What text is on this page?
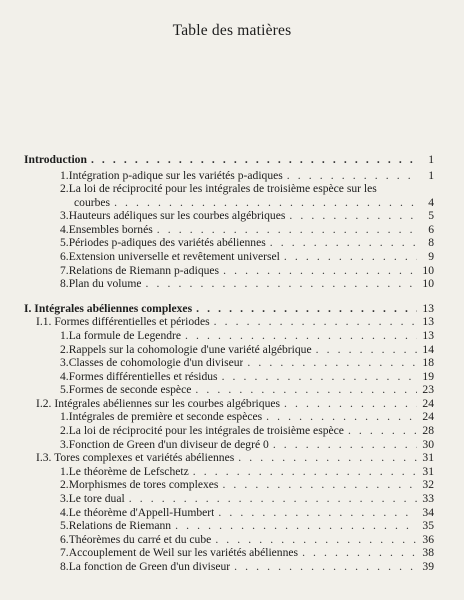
Table des matières
Introduction . . .	1
1. Intégration p-adique sur les variétés p-adiques . . .	1
2. La loi de réciprocité pour les intégrales de troisième espèce sur les
courbes . . .	4
3. Hauteurs adéliques sur les courbes algébriques . . .	5
4. Ensembles bornés . . .	6
5. Périodes p-adiques des variétés abéliennes . . .	8
6. Extension universelle et revêtement universel . . .	9
7. Relations de Riemann p-adiques . . .	10
8. Plan du volume . . .	10
I. Intégrales abéliennes complexes . . .	13
I.1. Formes différentielles et périodes . . .	13
1. La formule de Legendre . . .	13
2. Rappels sur la cohomologie d'une variété algébrique . . .	14
3. Classes de cohomologie d'un diviseur . . .	18
4. Formes différentielles et résidus . . .	19
5. Formes de seconde espèce . . .	23
I.2. Intégrales abéliennes sur les courbes algébriques . . .	24
1. Intégrales de première et seconde espèces . . .	24
2. La loi de réciprocité pour les intégrales de troisième espèce . . .	28
3. Fonction de Green d'un diviseur de degré 0 . . .	30
I.3. Tores complexes et variétés abéliennes . . .	31
1. Le théorème de Lefschetz . . .	31
2. Morphismes de tores complexes . . .	32
3. Le tore dual . . .	33
4. Le théorème d'Appell-Humbert . . .	34
5. Relations de Riemann . . .	35
6. Théorèmes du carré et du cube . . .	36
7. Accouplement de Weil sur les variétés abéliennes . . .	38
8. La fonction de Green d'un diviseur . . .	39
